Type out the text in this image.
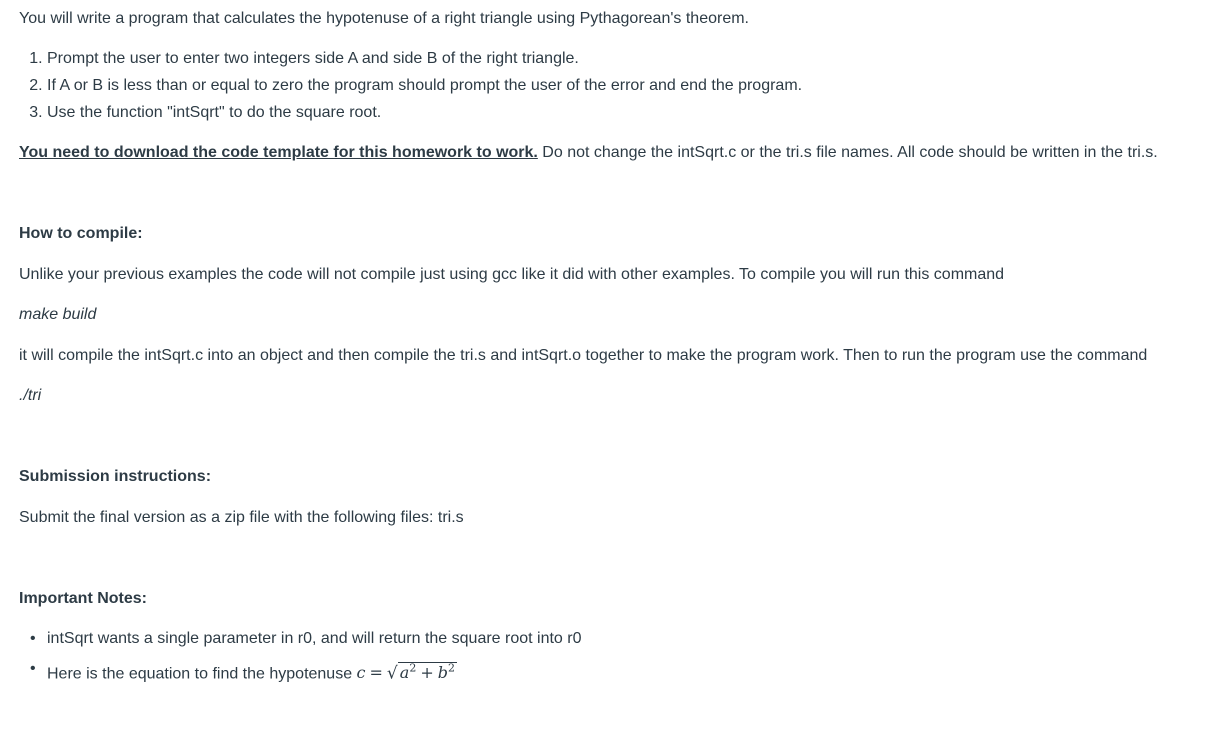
You will write a program that calculates the hypotenuse of a right triangle using Pythagorean's theorem.

1. Prompt the user to enter two integers side A and side B of the right triangle.
2. If A or B is less than or equal to zero the program should prompt the user of the error and end the program.
3. Use the function "intSqrt" to do the square root.

You need to download the code template for this homework to work. Do not change the intSqrt.c or the tri.s file names. All code should be written in the tri.s.

How to compile:

Unlike your previous examples the code will not compile just using gcc like it did with other examples. To compile you will run this command

make build

it will compile the intSqrt.c into an object and then compile the tri.s and intSqrt.o together to make the program work. Then to run the program use the command

./tri

Submission instructions:

Submit the final version as a zip file with the following files: tri.s

Important Notes:
• intSqrt wants a single parameter in r0, and will return the square root into r0
• Here is the equation to find the hypotenuse c = √ $a^2 + b^2$
